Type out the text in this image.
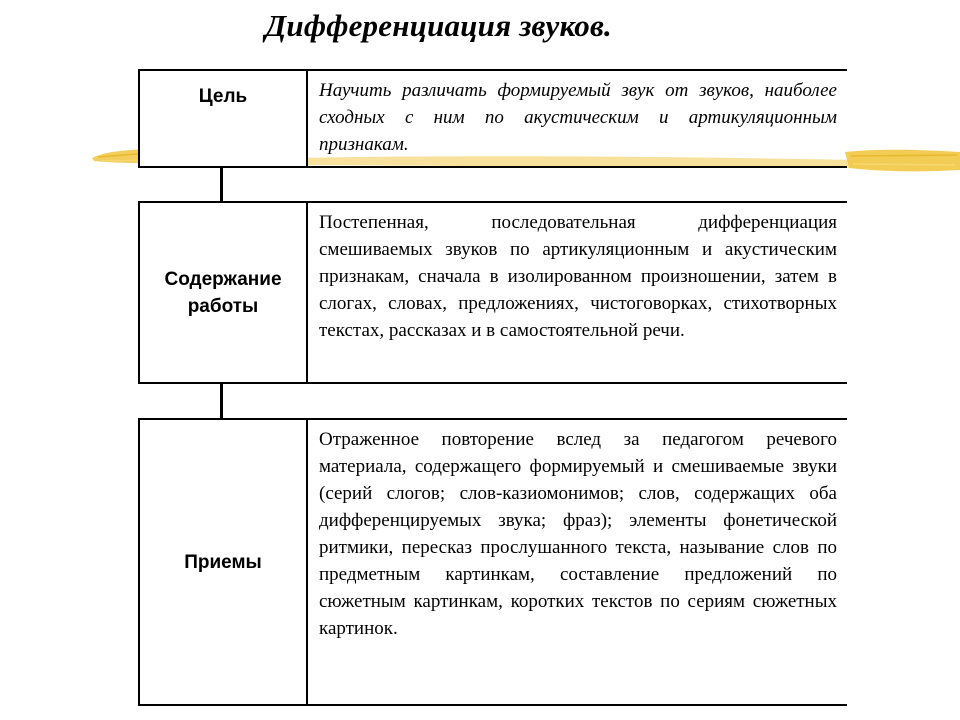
Дифференциация звуков.
Научить различать формируемый звук от звуков, наиболее сходных с ним по акустическим и артикуляционным признакам.
Цель
Постепенная, последовательная дифференциация смешиваемых звуков по артикуляционным и акустическим признакам, сначала в изолированном произношении, затем в слогах, словах, предложениях, чистоговорках, стихотворных текстах, рассказах и в самостоятельной речи.
Содержание
работы
Отраженное повторение вслед за педагогом речевого материала, содержащего формируемый и смешиваемые звуки (серий слогов; слов-казиомонимов; слов, содержащих оба дифференцируемых звука; фраз); элементы фонетической ритмики, пересказ прослушанного текста, называние слов по предметным картинкам, составление предложений по сюжетным картинкам, коротких текстов по сериям сюжетных картинок.
Приемы
